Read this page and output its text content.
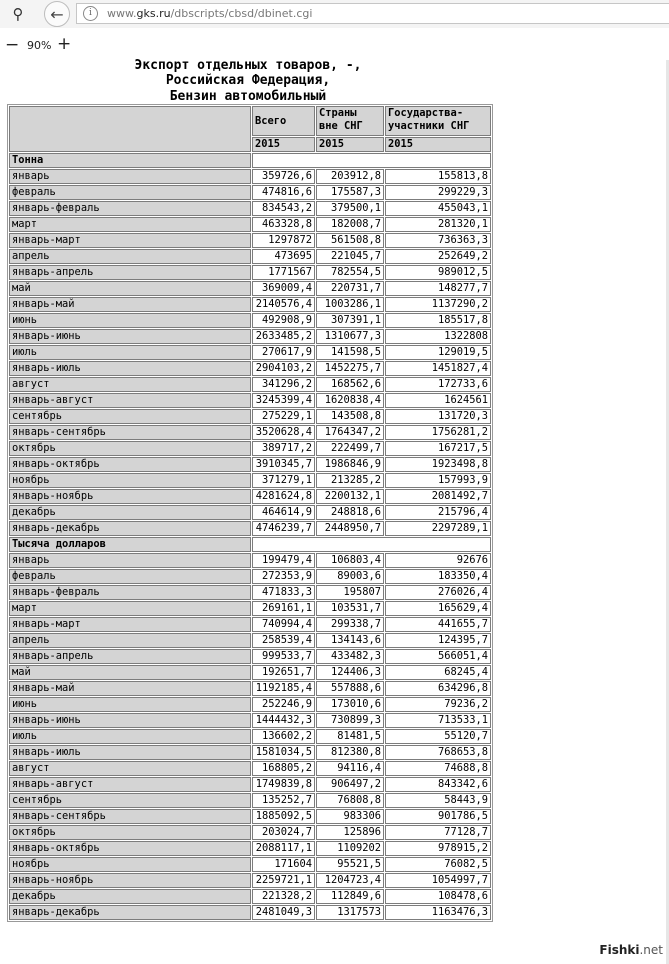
⚲	←	i	www.gks.ru/dbscripts/cbsd/dbinet.cgi
− 90% +
Экспорт отдельных товаров, -,
Российская Федерация,
Бензин автомобильный
	Всего	Страны вне СНГ	Государства-участники СНГ
	2015	2015	2015
Тонна			
январь	359726,6	203912,8	155813,8
февраль	474816,6	175587,3	299229,3
январь-февраль	834543,2	379500,1	455043,1
март	463328,8	182008,7	281320,1
январь-март	1297872	561508,8	736363,3
апрель	473695	221045,7	252649,2
январь-апрель	1771567	782554,5	989012,5
май	369009,4	220731,7	148277,7
январь-май	2140576,4	1003286,1	1137290,2
июнь	492908,9	307391,1	185517,8
январь-июнь	2633485,2	1310677,3	1322808
июль	270617,9	141598,5	129019,5
январь-июль	2904103,2	1452275,7	1451827,4
август	341296,2	168562,6	172733,6
январь-август	3245399,4	1620838,4	1624561
сентябрь	275229,1	143508,8	131720,3
январь-сентябрь	3520628,4	1764347,2	1756281,2
октябрь	389717,2	222499,7	167217,5
январь-октябрь	3910345,7	1986846,9	1923498,8
ноябрь	371279,1	213285,2	157993,9
январь-ноябрь	4281624,8	2200132,1	2081492,7
декабрь	464614,9	248818,6	215796,4
январь-декабрь	4746239,7	2448950,7	2297289,1
Тысяча долларов			
январь	199479,4	106803,4	92676
февраль	272353,9	89003,6	183350,4
январь-февраль	471833,3	195807	276026,4
март	269161,1	103531,7	165629,4
январь-март	740994,4	299338,7	441655,7
апрель	258539,4	134143,6	124395,7
январь-апрель	999533,7	433482,3	566051,4
май	192651,7	124406,3	68245,4
январь-май	1192185,4	557888,6	634296,8
июнь	252246,9	173010,6	79236,2
январь-июнь	1444432,3	730899,3	713533,1
июль	136602,2	81481,5	55120,7
январь-июль	1581034,5	812380,8	768653,8
август	168805,2	94116,4	74688,8
январь-август	1749839,8	906497,2	843342,6
сентябрь	135252,7	76808,8	58443,9
январь-сентябрь	1885092,5	983306	901786,5
октябрь	203024,7	125896	77128,7
январь-октябрь	2088117,1	1109202	978915,2
ноябрь	171604	95521,5	76082,5
январь-ноябрь	2259721,1	1204723,4	1054997,7
декабрь	221328,2	112849,6	108478,6
январь-декабрь	2481049,3	1317573	1163476,3
Fishki.net
